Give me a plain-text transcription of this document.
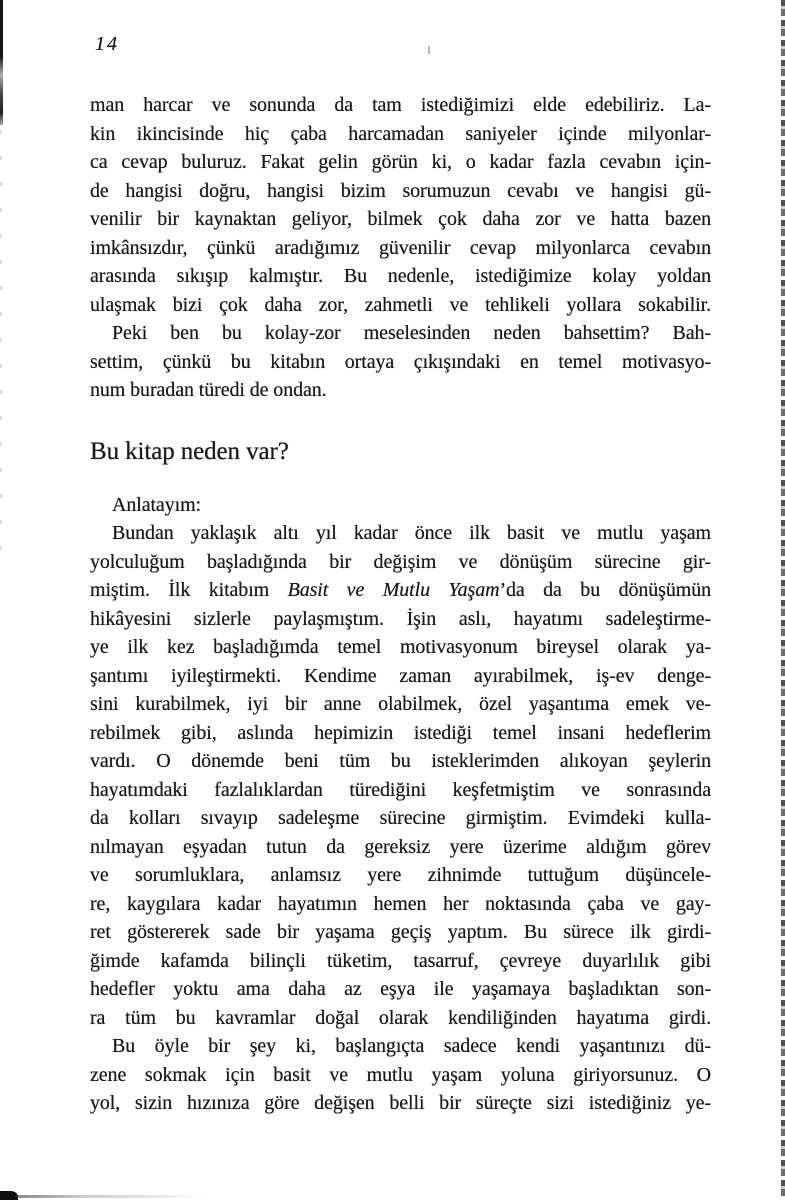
14
man harcar ve sonunda da tam istediğimizi elde edebiliriz. La-
kin ikincisinde hiç çaba harcamadan saniyeler içinde milyonlar-
ca cevap buluruz. Fakat gelin görün ki, o kadar fazla cevabın için-
de hangisi doğru, hangisi bizim sorumuzun cevabı ve hangisi gü-
venilir bir kaynaktan geliyor, bilmek çok daha zor ve hatta bazen
imkânsızdır, çünkü aradığımız güvenilir cevap milyonlarca cevabın
arasında sıkışıp kalmıştır. Bu nedenle, istediğimize kolay yoldan
ulaşmak bizi çok daha zor, zahmetli ve tehlikeli yollara sokabilir.
Peki ben bu kolay-zor meselesinden neden bahsettim? Bah-
settim, çünkü bu kitabın ortaya çıkışındaki en temel motivasyo-
num buradan türedi de ondan.
Bu kitap neden var?
Anlatayım:
Bundan yaklaşık altı yıl kadar önce ilk basit ve mutlu yaşam
yolculuğum başladığında bir değişim ve dönüşüm sürecine gir-
miştim. İlk kitabım Basit ve Mutlu Yaşam’da da bu dönüşümün
hikâyesini sizlerle paylaşmıştım. İşin aslı, hayatımı sadeleştirme-
ye ilk kez başladığımda temel motivasyonum bireysel olarak ya-
şantımı iyileştirmekti. Kendime zaman ayırabilmek, iş-ev denge-
sini kurabilmek, iyi bir anne olabilmek, özel yaşantıma emek ve-
rebilmek gibi, aslında hepimizin istediği temel insani hedeflerim
vardı. O dönemde beni tüm bu isteklerimden alıkoyan şeylerin
hayatımdaki fazlalıklardan türediğini keşfetmiştim ve sonrasında
da kolları sıvayıp sadeleşme sürecine girmiştim. Evimdeki kulla-
nılmayan eşyadan tutun da gereksiz yere üzerime aldığım görev
ve sorumluklara, anlamsız yere zihnimde tuttuğum düşüncele-
re, kaygılara kadar hayatımın hemen her noktasında çaba ve gay-
ret göstererek sade bir yaşama geçiş yaptım. Bu sürece ilk girdi-
ğimde kafamda bilinçli tüketim, tasarruf, çevreye duyarlılık gibi
hedefler yoktu ama daha az eşya ile yaşamaya başladıktan son-
ra tüm bu kavramlar doğal olarak kendiliğinden hayatıma girdi.
Bu öyle bir şey ki, başlangıçta sadece kendi yaşantınızı dü-
zene sokmak için basit ve mutlu yaşam yoluna giriyorsunuz. O
yol, sizin hızınıza göre değişen belli bir süreçte sizi istediğiniz ye-
